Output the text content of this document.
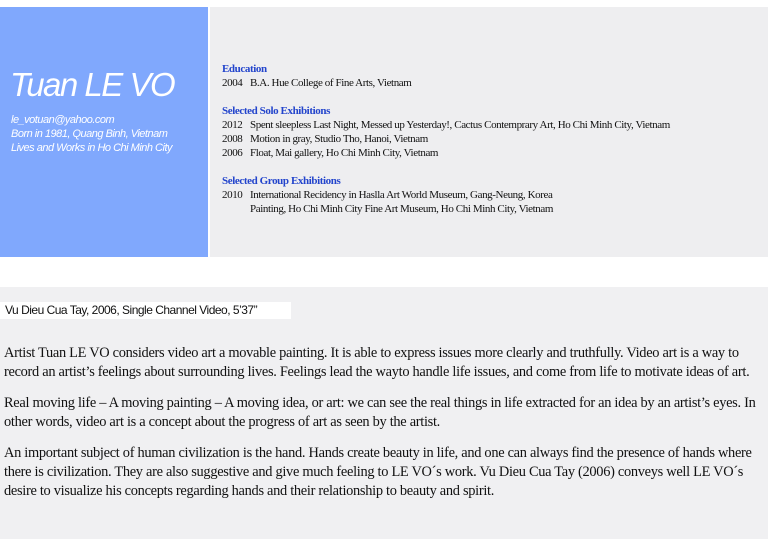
Tuan LE VO
le_votuan@yahoo.com
Born in 1981, Quang Binh, Vietnam
Lives and Works in Ho Chi Minh City
Education
2004 B.A. Hue College of Fine Arts, Vietnam
Selected Solo Exhibitions
2012 Spent sleepless Last Night, Messed up Yesterday!, Cactus Contemprary Art, Ho Chi Minh City, Vietnam
2008 Motion in gray, Studio Tho, Hanoi, Vietnam
2006 Float, Mai gallery, Ho Chi Minh City, Vietnam
Selected Group Exhibitions
2010 International Recidency in Haslla Art World Museum, Gang-Neung, Korea
Painting, Ho Chi Minh City Fine Art Museum, Ho Chi Minh City, Vietnam
Vu Dieu Cua Tay, 2006, Single Channel Video, 5’37”

Artist Tuan LE VO considers video art a movable painting. It is able to express issues more clearly and truthfully. Video art is a way to record an artist’s feelings about surrounding lives. Feelings lead the wayto handle life issues, and come from life to motivate ideas of art.

Real moving life – A moving painting – A moving idea, or art: we can see the real things in life extracted for an idea by an artist’s eyes. In other words, video art is a concept about the progress of art as seen by the artist.

An important subject of human civilization is the hand. Hands create beauty in life, and one can always find the presence of hands where there is civilization. They are also suggestive and give much feeling to LE VO´s work. Vu Dieu Cua Tay (2006) conveys well LE VO´s desire to visualize his concepts regarding hands and their relationship to beauty and spirit.
